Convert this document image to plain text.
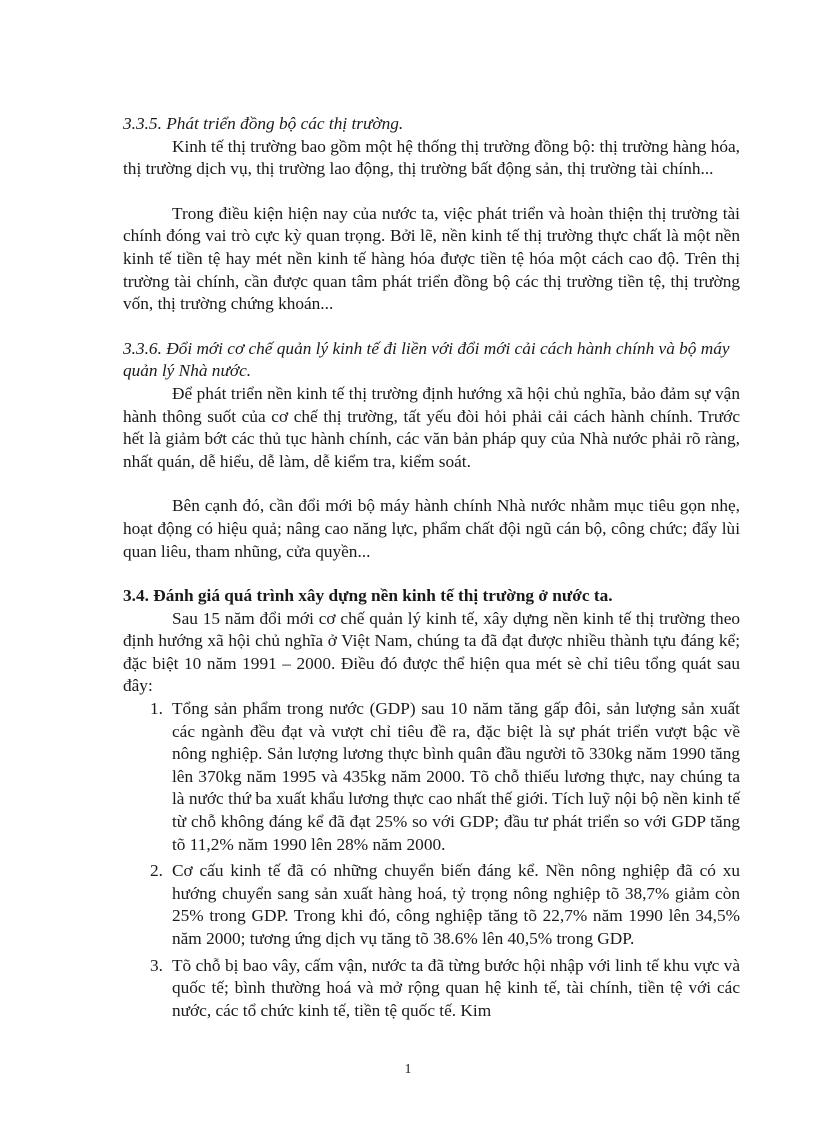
3.3.5. Phát triển đồng bộ các thị trường.

Kinh tế thị trường bao gồm một hệ thống thị trường đồng bộ: thị trường hàng hóa, thị trường dịch vụ, thị trường lao động, thị trường bất động sản, thị trường tài chính...

Trong điều kiện hiện nay của nước ta, việc phát triển và hoàn thiện thị trường tài chính đóng vai trò cực kỳ quan trọng. Bởi lẽ, nền kinh tế thị trường thực chất là một nền kinh tế tiền tệ hay mét nền kinh tế hàng hóa được tiền tệ hóa một cách cao độ. Trên thị trường tài chính, cần được quan tâm phát triển đồng bộ các thị trường tiền tệ, thị trường vốn, thị trường chứng khoán...

3.3.6. Đổi mới cơ chế quản lý kinh tế đi liền với đổi mới cải cách hành chính và bộ máy quản lý Nhà nước.

Để phát triển nền kinh tế thị trường định hướng xã hội chủ nghĩa, bảo đảm sự vận hành thông suốt của cơ chế thị trường, tất yếu đòi hỏi phải cải cách hành chính. Trước hết là giảm bớt các thủ tục hành chính, các văn bản pháp quy của Nhà nước phải rõ ràng, nhất quán, dễ hiểu, dễ làm, dễ kiểm tra, kiểm soát.

Bên cạnh đó, cần đổi mới bộ máy hành chính Nhà nước nhằm mục tiêu gọn nhẹ, hoạt động có hiệu quả; nâng cao năng lực, phẩm chất đội ngũ cán bộ, công chức; đẩy lùi quan liêu, tham nhũng, cửa quyền...

3.4. Đánh giá quá trình xây dựng nền kinh tế thị trường ở nước ta.

Sau 15 năm đổi mới cơ chế quản lý kinh tế, xây dựng nền kinh tế thị trường theo định hướng xã hội chủ nghĩa ở Việt Nam, chúng ta đã đạt được nhiều thành tựu đáng kể; đặc biệt 10 năm 1991 – 2000. Điều đó được thể hiện qua mét sè chỉ tiêu tổng quát sau đây:

1. Tổng sản phẩm trong nước (GDP) sau 10 năm tăng gấp đôi, sản lượng sản xuất các ngành đều đạt và vượt chỉ tiêu đề ra, đặc biệt là sự phát triển vượt bậc về nông nghiệp. Sản lượng lương thực bình quân đầu người tõ 330kg năm 1990 tăng lên 370kg năm 1995 và 435kg năm 2000. Tõ chỗ thiếu lương thực, nay chúng ta là nước thứ ba xuất khẩu lương thực cao nhất thế giới. Tích luỹ nội bộ nền kinh tế từ chỗ không đáng kể đã đạt 25% so với GDP; đầu tư phát triển so với GDP tăng tõ 11,2% năm 1990 lên 28% năm 2000.
2. Cơ cấu kinh tế đã có những chuyển biến đáng kể. Nền nông nghiệp đã có xu hướng chuyển sang sản xuất hàng hoá, tỷ trọng nông nghiệp tõ 38,7% giảm còn 25% trong GDP. Trong khi đó, công nghiệp tăng tõ 22,7% năm 1990 lên 34,5% năm 2000; tương ứng dịch vụ tăng tõ 38.6% lên 40,5% trong GDP.
3. Tõ chỗ bị bao vây, cấm vận, nước ta đã từng bước hội nhập với linh tế khu vực và quốc tế; bình thường hoá và mở rộng quan hệ kinh tế, tài chính, tiền tệ với các nước, các tổ chức kinh tế, tiền tệ quốc tế. Kim
1
